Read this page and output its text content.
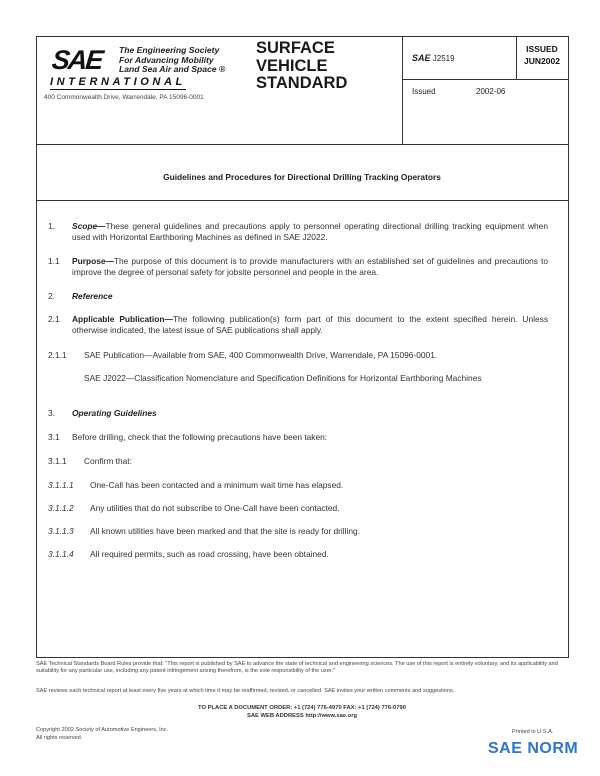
SAE The Engineering Society
For Advancing Mobility
Land Sea Air and Space ®
INTERNATIONAL
400 Commonwealth Drive, Warrendale, PA 15096-0001
SURFACE
VEHICLE
STANDARD
SAE J2519
Issued	2002-06
ISSUED
JUN2002
Guidelines and Procedures for Directional Drilling Tracking Operators
1. Scope—These general guidelines and precautions apply to personnel operating directional drilling tracking equipment when used with Horizontal Earthboring Machines as defined in SAE J2022.
1.1 Purpose—The purpose of this document is to provide manufacturers with an established set of guidelines and precautions to improve the degree of personal safety for jobsite personnel and people in the area.
2. Reference
2.1 Applicable Publication—The following publication(s) form part of this document to the extent specified herein. Unless otherwise indicated, the latest issue of SAE publications shall apply.
2.1.1 SAE Publication—Available from SAE, 400 Commonwealth Drive, Warrendale, PA 15096-0001.
SAE J2022—Classification Nomenclature and Specification Definitions for Horizontal Earthboring Machines
3. Operating Guidelines
3.1 Before drilling, check that the following precautions have been taken:
3.1.1 Confirm that:
3.1.1.1 One-Call has been contacted and a minimum wait time has elapsed.
3.1.1.2 Any utilities that do not subscribe to One-Call have been contacted.
3.1.1.3 All known utilities have been marked and that the site is ready for drilling.
3.1.1.4 All required permits, such as road crossing, have been obtained.
SAE Technical Standards Board Rules provide that: "This report is published by SAE to advance the state of technical and engineering sciences. The use of this report is entirely voluntary, and its applicability and suitability for any particular use, including any patent infringement arising therefrom, is the sole responsibility of the user."
SAE reviews each technical report at least every five years at which time it may be reaffirmed, revised, or cancelled. SAE invites your written comments and suggestions.
TO PLACE A DOCUMENT ORDER: +1 (724) 776-4970 FAX: +1 (724) 776-0790
SAE WEB ADDRESS http://www.sae.org
Copyright 2002 Society of Automotive Engineers, Inc.
All rights reserved.
Printed in U.S.A.
SAE NORM
